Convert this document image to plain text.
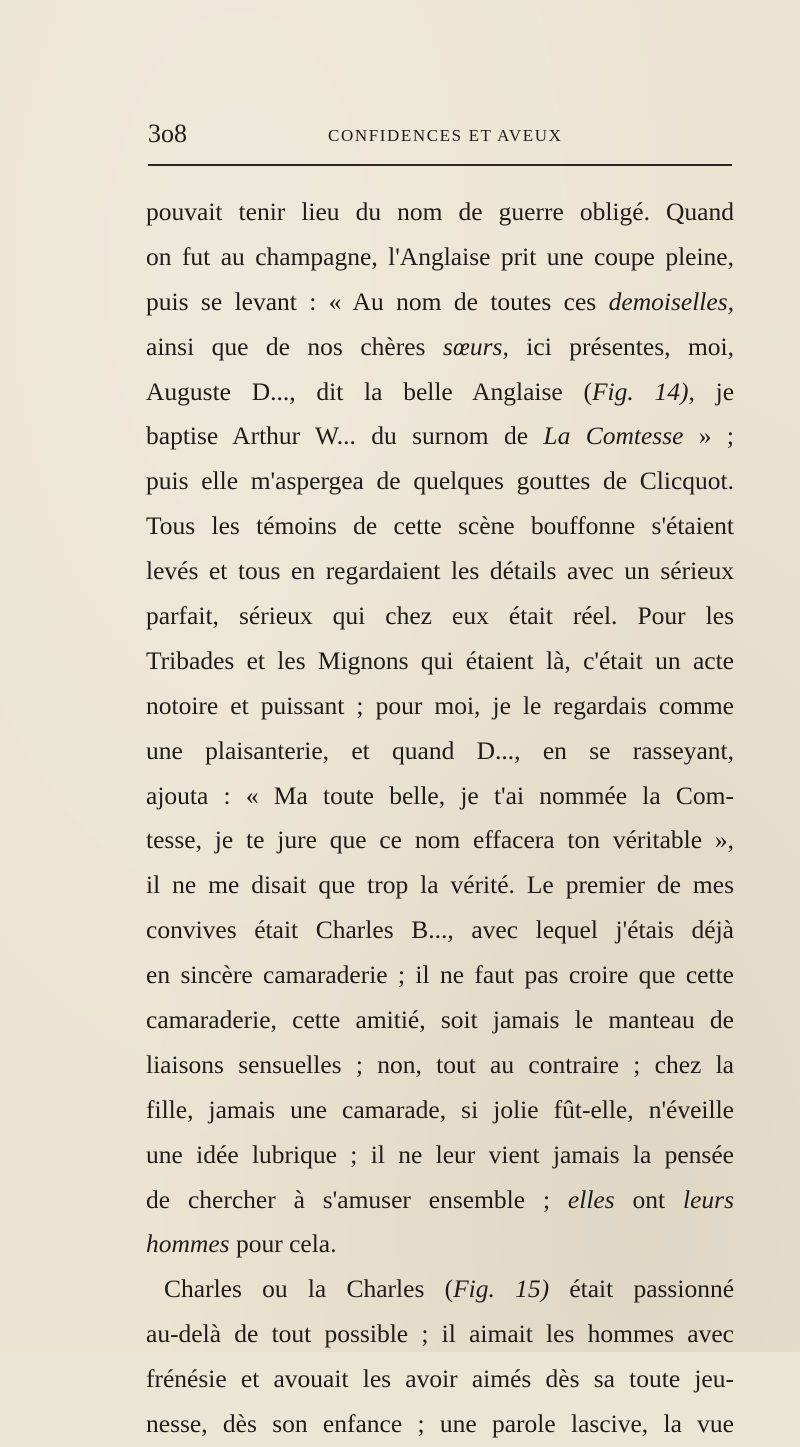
3o8	CONFIDENCES ET AVEUX
pouvait tenir lieu du nom de guerre obligé. Quand
on fut au champagne, l'Anglaise prit une coupe pleine,
puis se levant : « Au nom de toutes ces demoiselles,
ainsi que de nos chères sœurs, ici présentes, moi,
Auguste D..., dit la belle Anglaise (Fig. 14), je
baptise Arthur W... du surnom de La Comtesse » ;
puis elle m'aspergea de quelques gouttes de Clicquot.
Tous les témoins de cette scène bouffonne s'étaient
levés et tous en regardaient les détails avec un sérieux
parfait, sérieux qui chez eux était réel. Pour les
Tribades et les Mignons qui étaient là, c'était un acte
notoire et puissant ; pour moi, je le regardais comme
une plaisanterie, et quand D..., en se rasseyant,
ajouta : « Ma toute belle, je t'ai nommée la Com-
tesse, je te jure que ce nom effacera ton véritable »,
il ne me disait que trop la vérité. Le premier de mes
convives était Charles B..., avec lequel j'étais déjà
en sincère camaraderie ; il ne faut pas croire que cette
camaraderie, cette amitié, soit jamais le manteau de
liaisons sensuelles ; non, tout au contraire ; chez la
fille, jamais une camarade, si jolie fût-elle, n'éveille
une idée lubrique ; il ne leur vient jamais la pensée
de chercher à s'amuser ensemble ; elles ont leurs
hommes pour cela.
Charles ou la Charles (Fig. 15) était passionné
au-delà de tout possible ; il aimait les hommes avec
frénésie et avouait les avoir aimés dès sa toute jeu-
nesse, dès son enfance ; une parole lascive, la vue
